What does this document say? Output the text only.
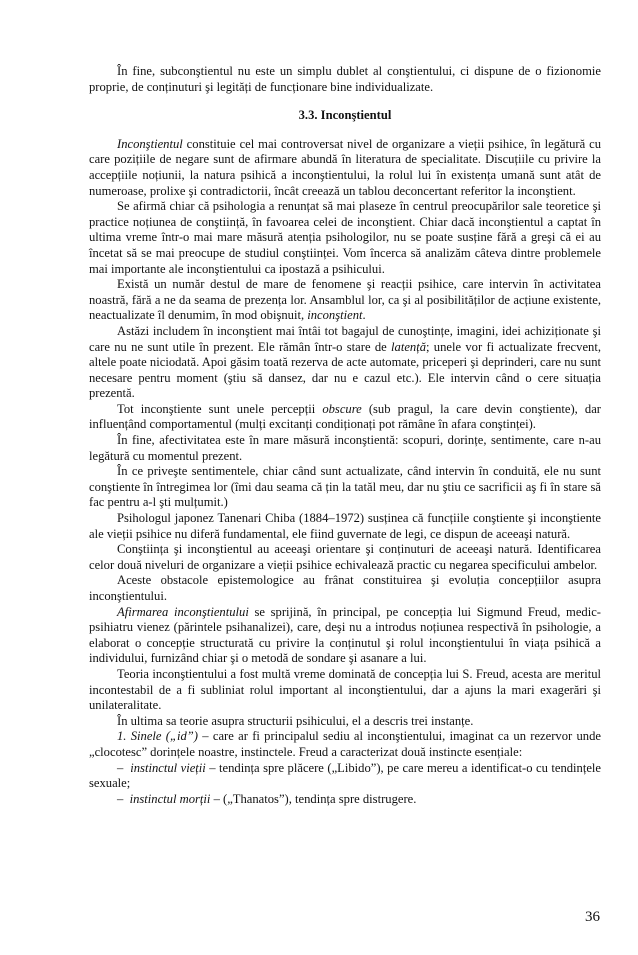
În fine, subconştientul nu este un simplu dublet al conştientului, ci dispune de o fizionomie proprie, de conținuturi şi legități de funcționare bine individualizate.

3.3. Inconştientul

Inconştientul constituie cel mai controversat nivel de organizare a vieții psihice, în legătură cu care pozițiile de negare sunt de afirmare abundă în literatura de specialitate. Discuțiile cu privire la accepțiile noțiunii, la natura psihică a inconştientului, la rolul lui în existența umană sunt atât de numeroase, prolixe şi contradictorii, încât creează un tablou deconcertant referitor la inconştient.

Se afirmă chiar că psihologia a renunțat să mai plaseze în centrul preocupărilor sale teoretice şi practice noțiunea de conştiință, în favoarea celei de inconştient. Chiar dacă inconştientul a captat în ultima vreme într-o mai mare măsură atenția psihologilor, nu se poate susține fără a greşi că ei au încetat să se mai preocupe de studiul conştiinței. Vom încerca să analizăm câteva dintre problemele mai importante ale inconştientului ca ipostază a psihicului.

Există un număr destul de mare de fenomene şi reacții psihice, care intervin în activitatea noastră, fără a ne da seama de prezența lor. Ansamblul lor, ca şi al posibilităților de acțiune existente, neactualizate îl denumim, în mod obişnuit, inconştient.

Astăzi includem în inconştient mai întâi tot bagajul de cunoştințe, imagini, idei achiziționate şi care nu ne sunt utile în prezent. Ele rămân într-o stare de latență; unele vor fi actualizate frecvent, altele poate niciodată. Apoi găsim toată rezerva de acte automate, priceperi şi deprinderi, care nu sunt necesare pentru moment (ştiu să dansez, dar nu e cazul etc.). Ele intervin când o cere situația prezentă.

Tot inconştiente sunt unele percepții obscure (sub pragul, la care devin conştiente), dar influențând comportamentul (mulți excitanți condiționați pot rămâne în afara conştinței).

În fine, afectivitatea este în mare măsură inconştientă: scopuri, dorințe, sentimente, care n-au legătură cu momentul prezent.

În ce priveşte sentimentele, chiar când sunt actualizate, când intervin în conduită, ele nu sunt conştiente în întregimea lor (îmi dau seama că țin la tatăl meu, dar nu ştiu ce sacrificii aş fi în stare să fac pentru a-l şti mulțumit.)

Psihologul japonez Tanenari Chiba (1884–1972) susținea că funcțiile conştiente şi inconştiente ale vieții psihice nu diferă fundamental, ele fiind guvernate de legi, ce dispun de aceeaşi natură.

Conştiința şi inconştientul au aceeaşi orientare şi conținuturi de aceeaşi natură. Identificarea celor două niveluri de organizare a vieții psihice echivalează practic cu negarea specificului ambelor.

Aceste obstacole epistemologice au frânat constituirea şi evoluția concepțiilor asupra inconştientului.

Afirmarea inconştientului se sprijină, în principal, pe concepția lui Sigmund Freud, medic-psihiatru vienez (părintele psihanalizei), care, deşi nu a introdus noțiunea respectivă în psihologie, a elaborat o concepție structurată cu privire la conținutul şi rolul inconştientului în viața psihică a individului, furnizând chiar şi o metodă de sondare şi asanare a lui.

Teoria inconştientului a fost multă vreme dominată de concepția lui S. Freud, acesta are meritul incontestabil de a fi subliniat rolul important al inconştientului, dar a ajuns la mari exagerări şi unilateralitate.

În ultima sa teorie asupra structurii psihicului, el a descris trei instanțe.

1. Sinele („id”) – care ar fi principalul sediu al inconştientului, imaginat ca un rezervor unde „clocotesc” dorințele noastre, instinctele. Freud a caracterizat două instincte esențiale:

– instinctul vieții – tendința spre plăcere („Libido”), pe care mereu a identificat-o cu tendințele sexuale;

– instinctul morții – („Thanatos”), tendința spre distrugere.

36
